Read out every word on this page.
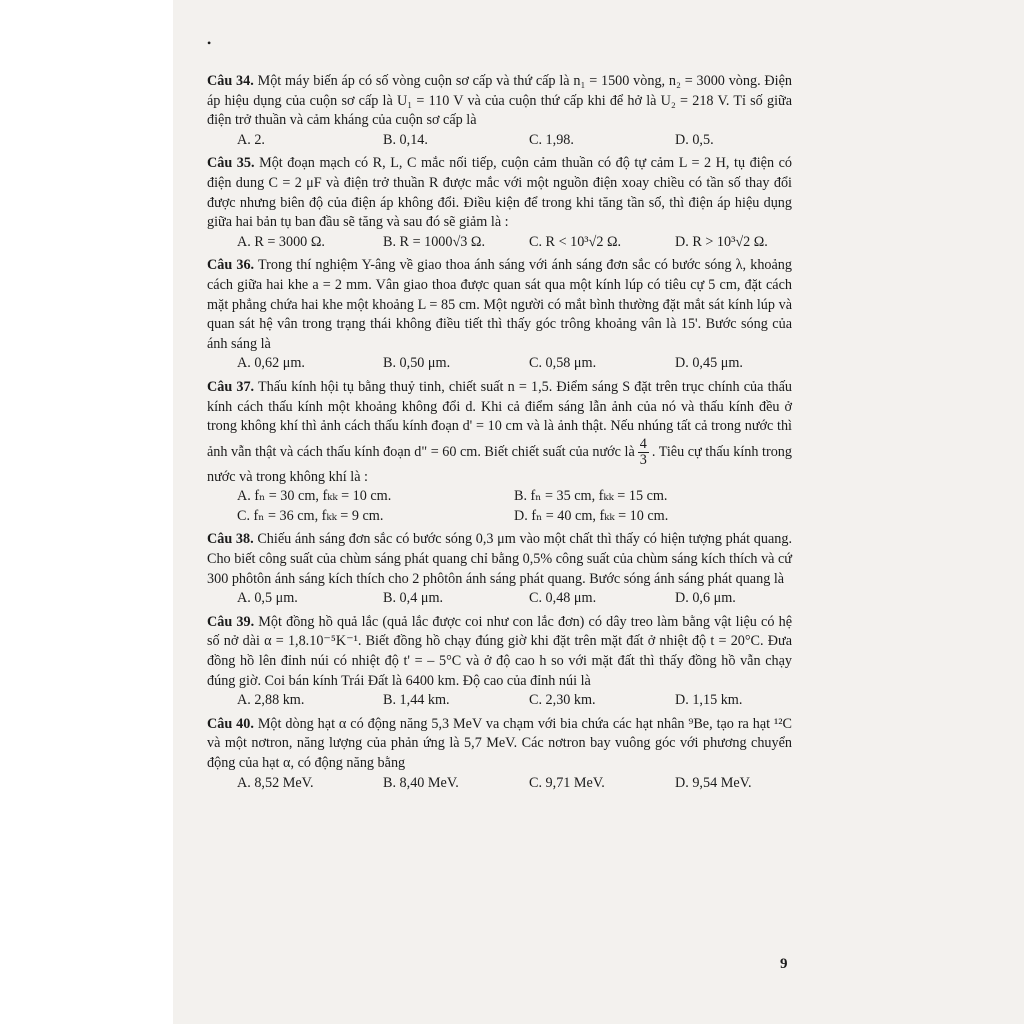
•
Câu 34. Một máy biến áp có số vòng cuộn sơ cấp và thứ cấp là n₁ = 1500 vòng, n₂ = 3000 vòng. Điện áp hiệu dụng của cuộn sơ cấp là U₁ = 110 V và của cuộn thứ cấp khi để hở là U₂ = 218 V. Tỉ số giữa điện trở thuần và cảm kháng của cuộn sơ cấp là
A. 2.	B. 0,14.	C. 1,98.	D. 0,5.
Câu 35. Một đoạn mạch có R, L, C mắc nối tiếp, cuộn cảm thuần có độ tự cảm L = 2 H, tụ điện có điện dung C = 2 μF và điện trở thuần R được mắc với một nguồn điện xoay chiều có tần số thay đổi được nhưng biên độ của điện áp không đổi. Điều kiện để trong khi tăng tần số, thì điện áp hiệu dụng giữa hai bản tụ ban đầu sẽ tăng và sau đó sẽ giảm là :
A. R = 3000 Ω.	B. R = 1000√3 Ω.	C. R < 10³√2 Ω.	D. R > 10³√2 Ω.
Câu 36. Trong thí nghiệm Y-âng về giao thoa ánh sáng với ánh sáng đơn sắc có bước sóng λ, khoảng cách giữa hai khe a = 2 mm. Vân giao thoa được quan sát qua một kính lúp có tiêu cự 5 cm, đặt cách mặt phẳng chứa hai khe một khoảng L = 85 cm. Một người có mắt bình thường đặt mắt sát kính lúp và quan sát hệ vân trong trạng thái không điều tiết thì thấy góc trông khoảng vân là 15'. Bước sóng của ánh sáng là
A. 0,62 μm.	B. 0,50 μm.	C. 0,58 μm.	D. 0,45 μm.
Câu 37. Thấu kính hội tụ bằng thuỷ tinh, chiết suất n = 1,5. Điểm sáng S đặt trên trục chính của thấu kính cách thấu kính một khoảng không đổi d. Khi cả điểm sáng lẫn ảnh của nó và thấu kính đều ở trong không khí thì ảnh cách thấu kính đoạn d' = 10 cm và là ảnh thật. Nếu nhúng tất cả trong nước thì ảnh vẫn thật và cách thấu kính đoạn d" = 60 cm. Biết chiết suất của nước là $\frac{4}{3}$ . Tiêu cự thấu kính trong nước và trong không khí là :
A. fₙ = 30 cm, fₖₖ = 10 cm.	B. fₙ = 35 cm, fₖₖ = 15 cm.
C. fₙ = 36 cm, fₖₖ = 9 cm.	D. fₙ = 40 cm, fₖₖ = 10 cm.
Câu 38. Chiếu ánh sáng đơn sắc có bước sóng 0,3 μm vào một chất thì thấy có hiện tượng phát quang. Cho biết công suất của chùm sáng phát quang chỉ bằng 0,5% công suất của chùm sáng kích thích và cứ 300 phôtôn ánh sáng kích thích cho 2 phôtôn ánh sáng phát quang. Bước sóng ánh sáng phát quang là
A. 0,5 μm.	B. 0,4 μm.	C. 0,48 μm.	D. 0,6 μm.
Câu 39. Một đồng hồ quả lắc (quả lắc được coi như con lắc đơn) có dây treo làm bằng vật liệu có hệ số nở dài α = 1,8.10⁻⁵K⁻¹. Biết đồng hồ chạy đúng giờ khi đặt trên mặt đất ở nhiệt độ t = 20°C. Đưa đồng hồ lên đỉnh núi có nhiệt độ t' = – 5°C và ở độ cao h so với mặt đất thì thấy đồng hồ vẫn chạy đúng giờ. Coi bán kính Trái Đất là 6400 km. Độ cao của đỉnh núi là
A. 2,88 km.	B. 1,44 km.	C. 2,30 km.	D. 1,15 km.
Câu 40. Một dòng hạt α có động năng 5,3 MeV va chạm với bia chứa các hạt nhân ⁹Be, tạo ra hạt ¹²C và một nơtron, năng lượng của phản ứng là 5,7 MeV. Các nơtron bay vuông góc với phương chuyển động của hạt α, có động năng bằng
A. 8,52 MeV.	B. 8,40 MeV.	C. 9,71 MeV.	D. 9,54 MeV.
9
